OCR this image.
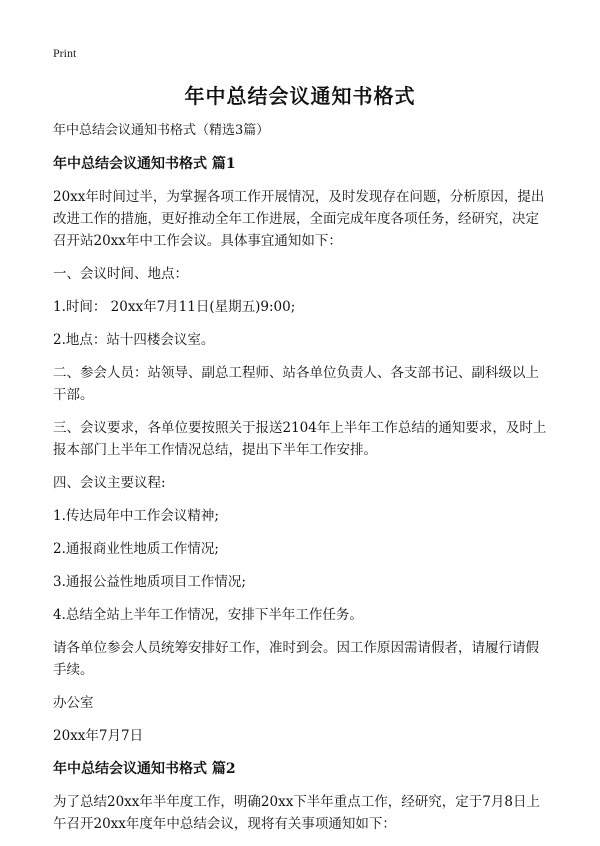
Print
年中总结会议通知书格式
年中总结会议通知书格式（精选3篇）
年中总结会议通知书格式 篇1
20xx年时间过半，为掌握各项工作开展情况，及时发现存在问题，分析原因，提出改进工作的措施，更好推动全年工作进展，全面完成年度各项任务，经研究，决定召开站20xx年中工作会议。具体事宜通知如下：
一、会议时间、地点：
1.时间： 20xx年7月11日(星期五)9:00;
2.地点：站十四楼会议室。
二、参会人员：站领导、副总工程师、站各单位负责人、各支部书记、副科级以上干部。
三、会议要求，各单位要按照关于报送2104年上半年工作总结的通知要求，及时上报本部门上半年工作情况总结，提出下半年工作安排。
四、会议主要议程:
1.传达局年中工作会议精神;
2.通报商业性地质工作情况;
3.通报公益性地质项目工作情况;
4.总结全站上半年工作情况，安排下半年工作任务。
请各单位参会人员统筹安排好工作，准时到会。因工作原因需请假者，请履行请假手续。
办公室
20xx年7月7日
年中总结会议通知书格式 篇2
为了总结20xx年半年度工作，明确20xx下半年重点工作，经研究，定于7月8日上午召开20xx年度年中总结会议，现将有关事项通知如下：
